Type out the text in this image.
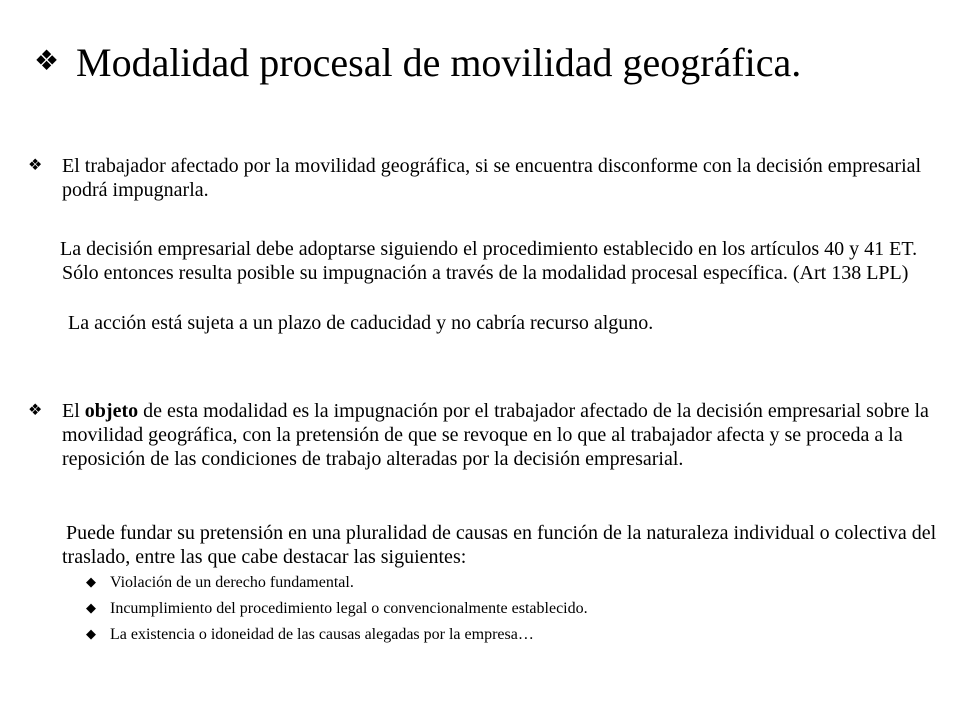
❖ Modalidad procesal de movilidad geográfica.
❖ El trabajador afectado por la movilidad geográfica, si se encuentra disconforme con la decisión empresarial podrá impugnarla.
La decisión empresarial debe adoptarse siguiendo el procedimiento establecido en los artículos 40 y 41 ET. Sólo entonces resulta posible su impugnación a través de la modalidad procesal específica. (Art 138 LPL)
La acción está sujeta a un plazo de caducidad y no cabría recurso alguno.
❖ El objeto de esta modalidad es la impugnación por el trabajador afectado de la decisión empresarial sobre la movilidad geográfica, con la pretensión de que se revoque en lo que al trabajador afecta y se proceda a la reposición de las condiciones de trabajo alteradas por la decisión empresarial.
Puede fundar su pretensión en una pluralidad de causas en función de la naturaleza individual o colectiva del traslado, entre las que cabe destacar las siguientes:
◆ Violación de un derecho fundamental.
◆ Incumplimiento del procedimiento legal o convencionalmente establecido.
◆ La existencia o idoneidad de las causas alegadas por la empresa…
